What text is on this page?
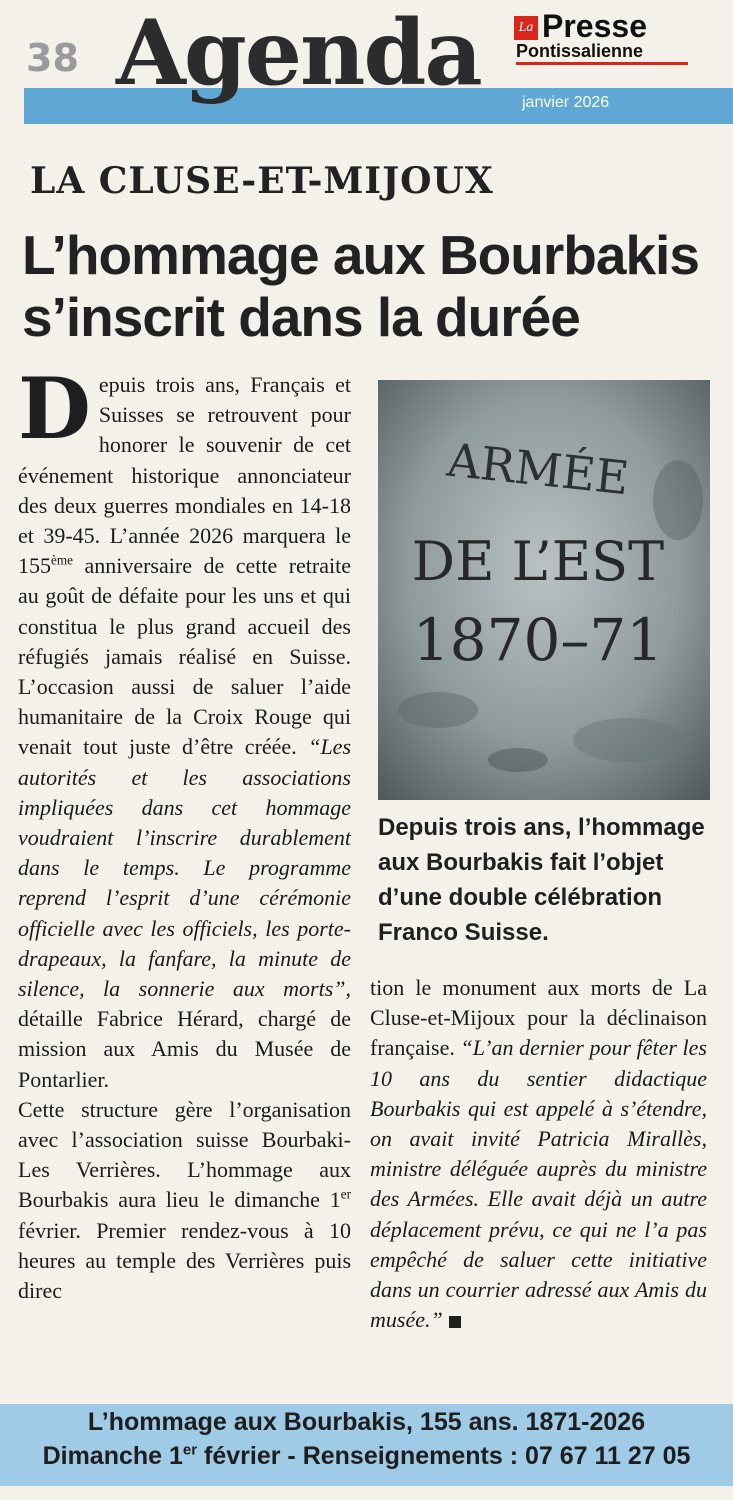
38 Agenda	janvier 2026
La Presse
Pontissalienne
LA CLUSE-ET-MIJOUX
L’hommage aux Bourbakis s’inscrit dans la durée

Depuis trois ans, Français et Suisses se retrouvent pour honorer le souvenir de cet événement historique annonciateur des deux guerres mondiales en 14-18 et 39-45. L’année 2026 marquera le 155ème anniversaire de cette retraite au goût de défaite pour les uns et qui constitua le plus grand accueil des réfugiés jamais réalisé en Suisse. L’occasion aussi de saluer l’aide humanitaire de la Croix Rouge qui venait tout juste d’être créée. “Les autorités et les associations impliquées dans cet hommage voudraient l’inscrire durablement dans le temps. Le programme reprend l’esprit d’une cérémonie officielle avec les officiels, les porte-drapeaux, la fanfare, la minute de silence, la sonnerie aux morts”, détaille Fabrice Hérard, chargé de mission aux Amis du Musée de Pontarlier.

Cette structure gère l’organisation avec l’association suisse Bourbaki-Les Verrières. L’hommage aux Bourbakis aura lieu le dimanche 1er février. Premier rendez-vous à 10 heures au temple des Verrières puis direc

ARMÉE
DE L’EST
1870–71
Depuis trois ans, l’hommage aux Bourbakis fait l’objet d’une double célébration Franco Suisse.

tion le monument aux morts de La Cluse-et-Mijoux pour la déclinaison française. “L’an dernier pour fêter les 10 ans du sentier didactique Bourbakis qui est appelé à s’étendre, on avait invité Patricia Mirallès, ministre déléguée auprès du ministre des Armées. Elle avait déjà un autre déplacement prévu, ce qui ne l’a pas empêché de saluer cette initiative dans un courrier adressé aux Amis du musée.”

L’hommage aux Bourbakis, 155 ans. 1871-2026
Dimanche 1er février - Renseignements : 07 67 11 27 05
